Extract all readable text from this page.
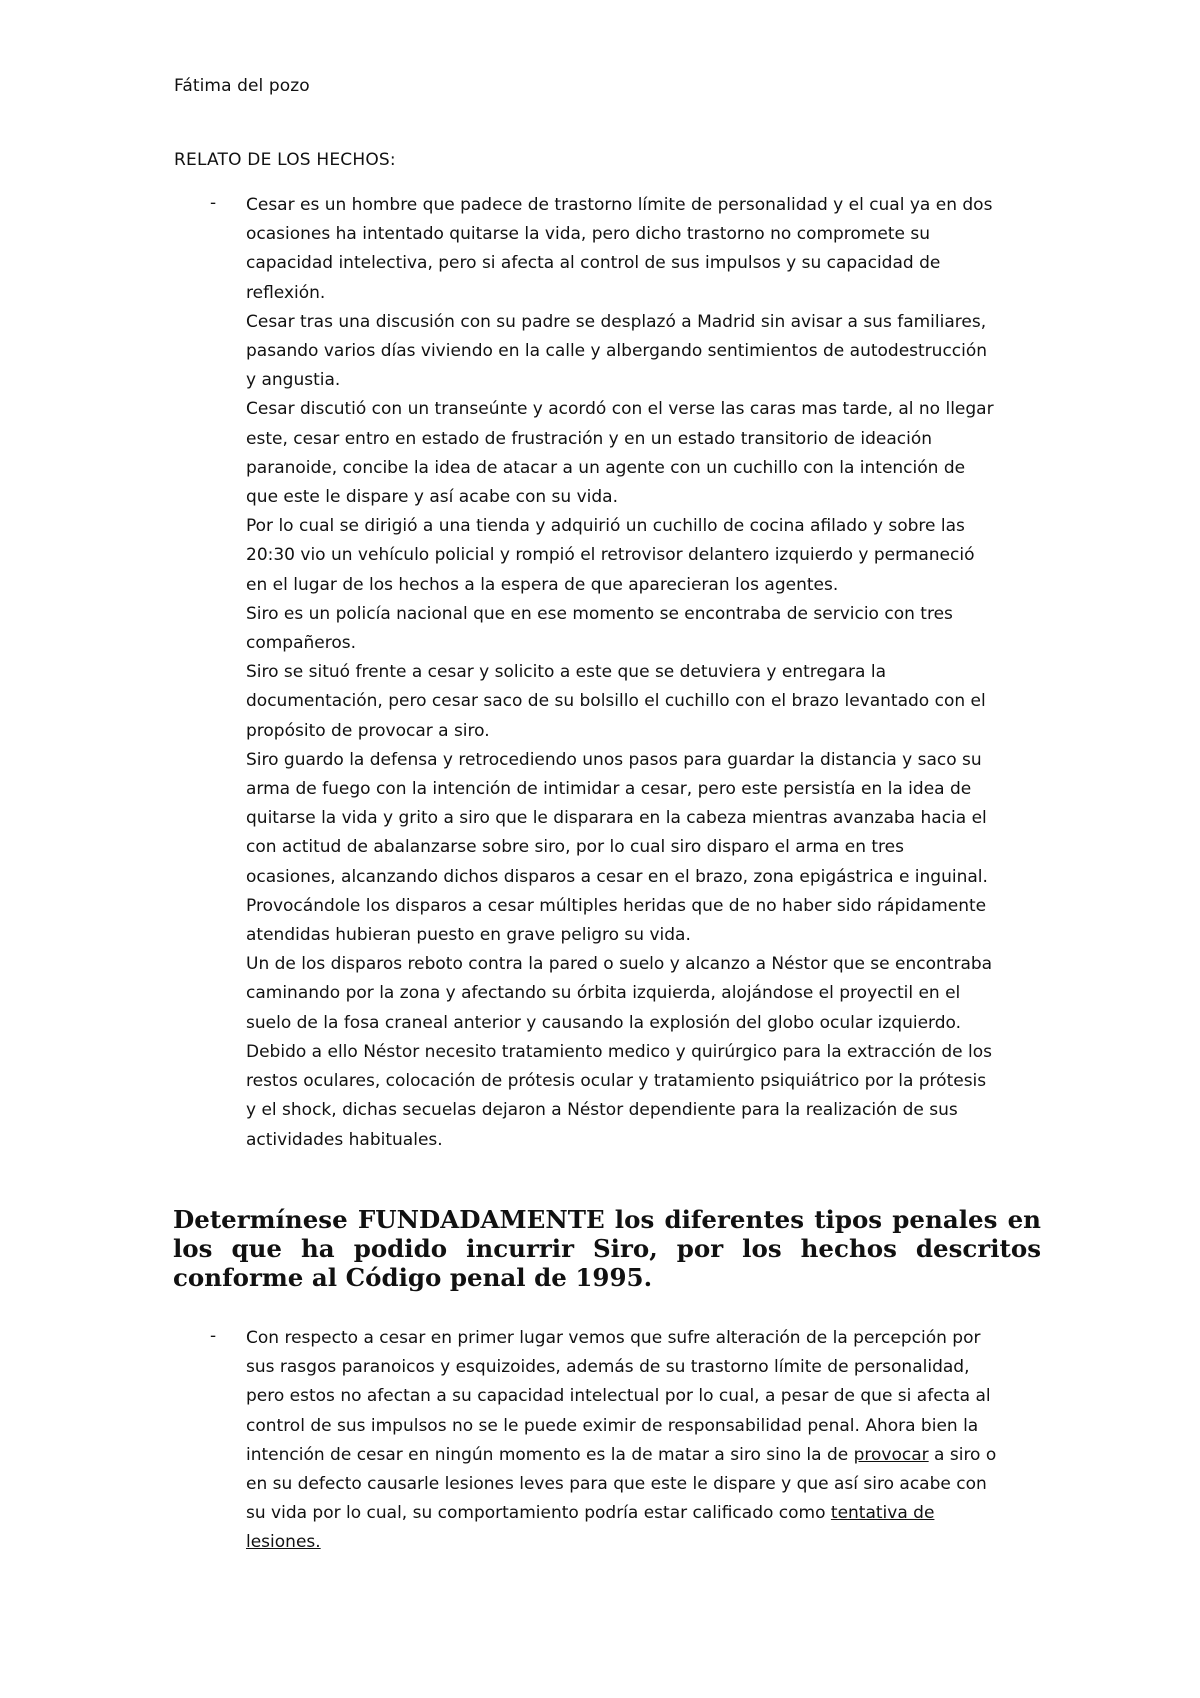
Fátima del pozo
RELATO DE LOS HECHOS:
- Cesar es un hombre que padece de trastorno límite de personalidad y el cual ya en dos
ocasiones ha intentado quitarse la vida, pero dicho trastorno no compromete su
capacidad intelectiva, pero si afecta al control de sus impulsos y su capacidad de
reflexión.
Cesar tras una discusión con su padre se desplazó a Madrid sin avisar a sus familiares,
pasando varios días viviendo en la calle y albergando sentimientos de autodestrucción
y angustia.
Cesar discutió con un transeúnte y acordó con el verse las caras mas tarde, al no llegar
este, cesar entro en estado de frustración y en un estado transitorio de ideación
paranoide, concibe la idea de atacar a un agente con un cuchillo con la intención de
que este le dispare y así acabe con su vida.
Por lo cual se dirigió a una tienda y adquirió un cuchillo de cocina afilado y sobre las
20:30 vio un vehículo policial y rompió el retrovisor delantero izquierdo y permaneció
en el lugar de los hechos a la espera de que aparecieran los agentes.
Siro es un policía nacional que en ese momento se encontraba de servicio con tres
compañeros.
Siro se situó frente a cesar y solicito a este que se detuviera y entregara la
documentación, pero cesar saco de su bolsillo el cuchillo con el brazo levantado con el
propósito de provocar a siro.
Siro guardo la defensa y retrocediendo unos pasos para guardar la distancia y saco su
arma de fuego con la intención de intimidar a cesar, pero este persistía en la idea de
quitarse la vida y grito a siro que le disparara en la cabeza mientras avanzaba hacia el
con actitud de abalanzarse sobre siro, por lo cual siro disparo el arma en tres
ocasiones, alcanzando dichos disparos a cesar en el brazo, zona epigástrica e inguinal.
Provocándole los disparos a cesar múltiples heridas que de no haber sido rápidamente
atendidas hubieran puesto en grave peligro su vida.
Un de los disparos reboto contra la pared o suelo y alcanzo a Néstor que se encontraba
caminando por la zona y afectando su órbita izquierda, alojándose el proyectil en el
suelo de la fosa craneal anterior y causando la explosión del globo ocular izquierdo.
Debido a ello Néstor necesito tratamiento medico y quirúrgico para la extracción de los
restos oculares, colocación de prótesis ocular y tratamiento psiquiátrico por la prótesis
y el shock, dichas secuelas dejaron a Néstor dependiente para la realización de sus
actividades habituales.
Determínese FUNDADAMENTE los diferentes tipos penales en
los que ha podido incurrir Siro, por los hechos descritos
conforme al Código penal de 1995.
- Con respecto a cesar en primer lugar vemos que sufre alteración de la percepción por
sus rasgos paranoicos y esquizoides, además de su trastorno límite de personalidad,
pero estos no afectan a su capacidad intelectual por lo cual, a pesar de que si afecta al
control de sus impulsos no se le puede eximir de responsabilidad penal. Ahora bien la
intención de cesar en ningún momento es la de matar a siro sino la de provocar a siro o
en su defecto causarle lesiones leves para que este le dispare y que así siro acabe con
su vida por lo cual, su comportamiento podría estar calificado como tentativa de
lesiones.
